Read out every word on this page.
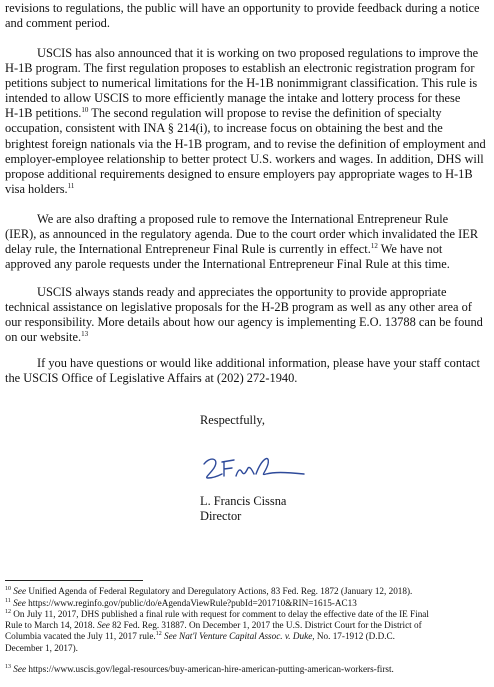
revisions to regulations, the public will have an opportunity to provide feedback during a notice
and comment period.
USCIS has also announced that it is working on two proposed regulations to improve the
H-1B program. The first regulation proposes to establish an electronic registration program for
petitions subject to numerical limitations for the H-1B nonimmigrant classification. This rule is
intended to allow USCIS to more efficiently manage the intake and lottery process for these
H-1B petitions.$^{10}$ The second regulation will propose to revise the definition of specialty
occupation, consistent with INA § 214(i), to increase focus on obtaining the best and the
brightest foreign nationals via the H-1B program, and to revise the definition of employment and
employer-employee relationship to better protect U.S. workers and wages. In addition, DHS will
propose additional requirements designed to ensure employers pay appropriate wages to H-1B
visa holders.$^{11}$
We are also drafting a proposed rule to remove the International Entrepreneur Rule
(IER), as announced in the regulatory agenda. Due to the court order which invalidated the IER
delay rule, the International Entrepreneur Final Rule is currently in effect.$^{12}$ We have not
approved any parole requests under the International Entrepreneur Final Rule at this time.
USCIS always stands ready and appreciates the opportunity to provide appropriate
technical assistance on legislative proposals for the H-2B program as well as any other area of
our responsibility. More details about how our agency is implementing E.O. 13788 can be found
on our website.$^{13}$
If you have questions or would like additional information, please have your staff contact
the USCIS Office of Legislative Affairs at (202) 272-1940.
Respectfully,
L. Francis Cissna
Director
$^{10}$ See Unified Agenda of Federal Regulatory and Deregulatory Actions, 83 Fed. Reg. 1872 (January 12, 2018).
$^{11}$ See https://www.reginfo.gov/public/do/eAgendaViewRule?pubId=201710&RIN=1615-AC13
$^{12}$ On July 11, 2017, DHS published a final rule with request for comment to delay the effective date of the IE Final
Rule to March 14, 2018. See 82 Fed. Reg. 31887. On December 1, 2017 the U.S. District Court for the District of
Columbia vacated the July 11, 2017 rule.$^{12}$ See Nat'l Venture Capital Assoc. v. Duke, No. 17-1912 (D.D.C.
December 1, 2017).
$^{13}$ See https://www.uscis.gov/legal-resources/buy-american-hire-american-putting-american-workers-first.
